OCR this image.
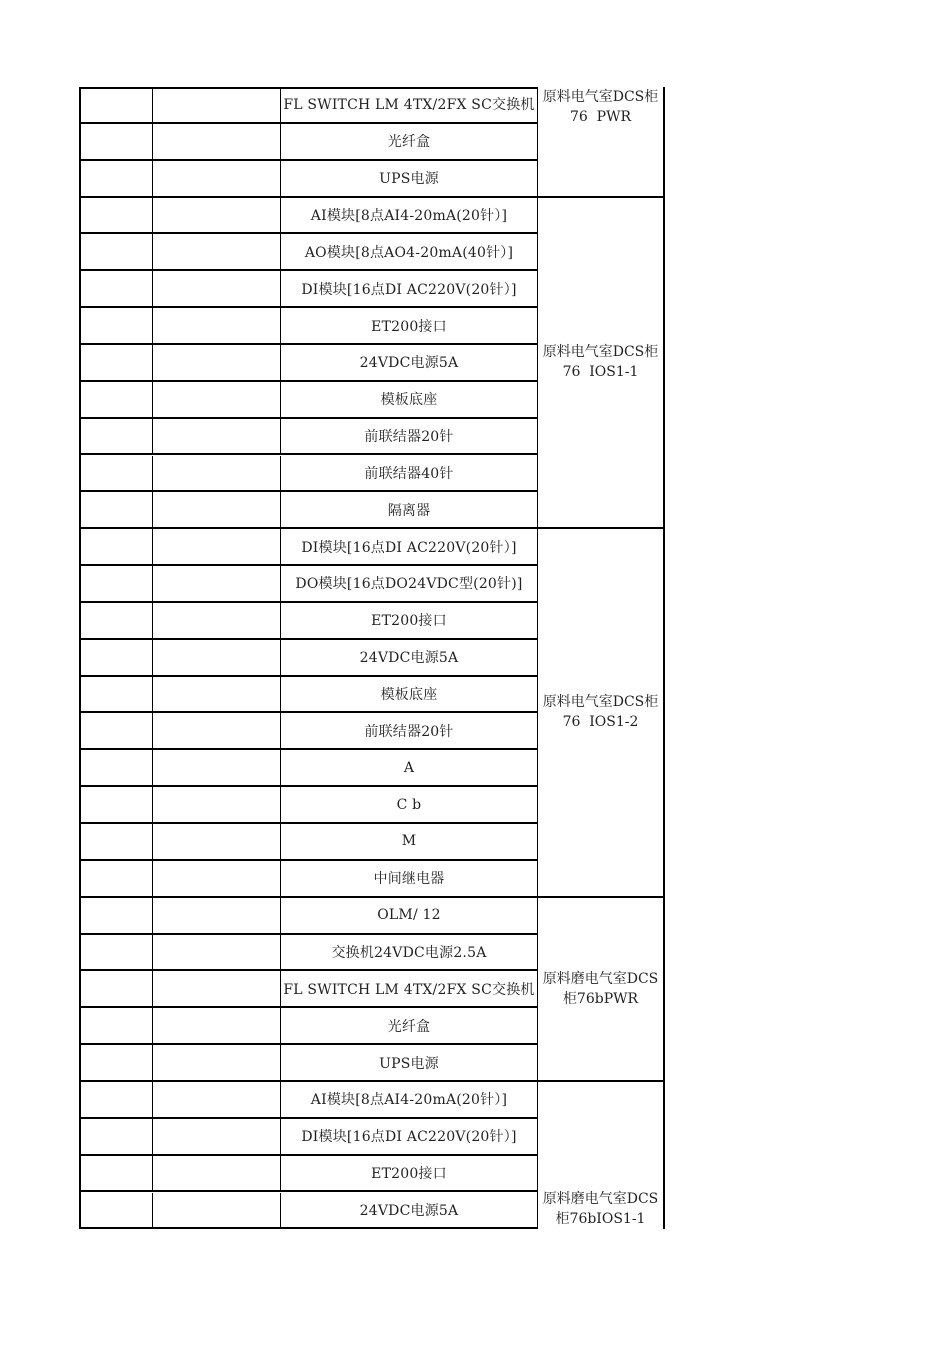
FL SWITCH LM 4TX/2FX SC交换机
光纤盒
UPS电源
AI模块[8点AI4-20mA(20针）]
AO模块[8点AO4-20mA(40针）]
DI模块[16点DI AC220V(20针）]
ET200接口
24VDC电源5A
模板底座
前联结器20针
前联结器40针
隔离器
DI模块[16点DI AC220V(20针）]
DO模块[16点DO24VDC型(20针)]
ET200接口
24VDC电源5A
模板底座
前联结器20针
A
C b
M
中间继电器
OLM/ 12
交换机24VDC电源2.5A
FL SWITCH LM 4TX/2FX SC交换机
光纤盒
UPS电源
AI模块[8点AI4-20mA(20针）]
DI模块[16点DI AC220V(20针）]
ET200接口
24VDC电源5A
原料电气室DCS柜
76  PWR
原料电气室DCS柜
76  IOS1-1
原料电气室DCS柜
76  IOS1-2
原料磨电气室DCS
柜76bPWR
原料磨电气室DCS
柜76bIOS1-1
